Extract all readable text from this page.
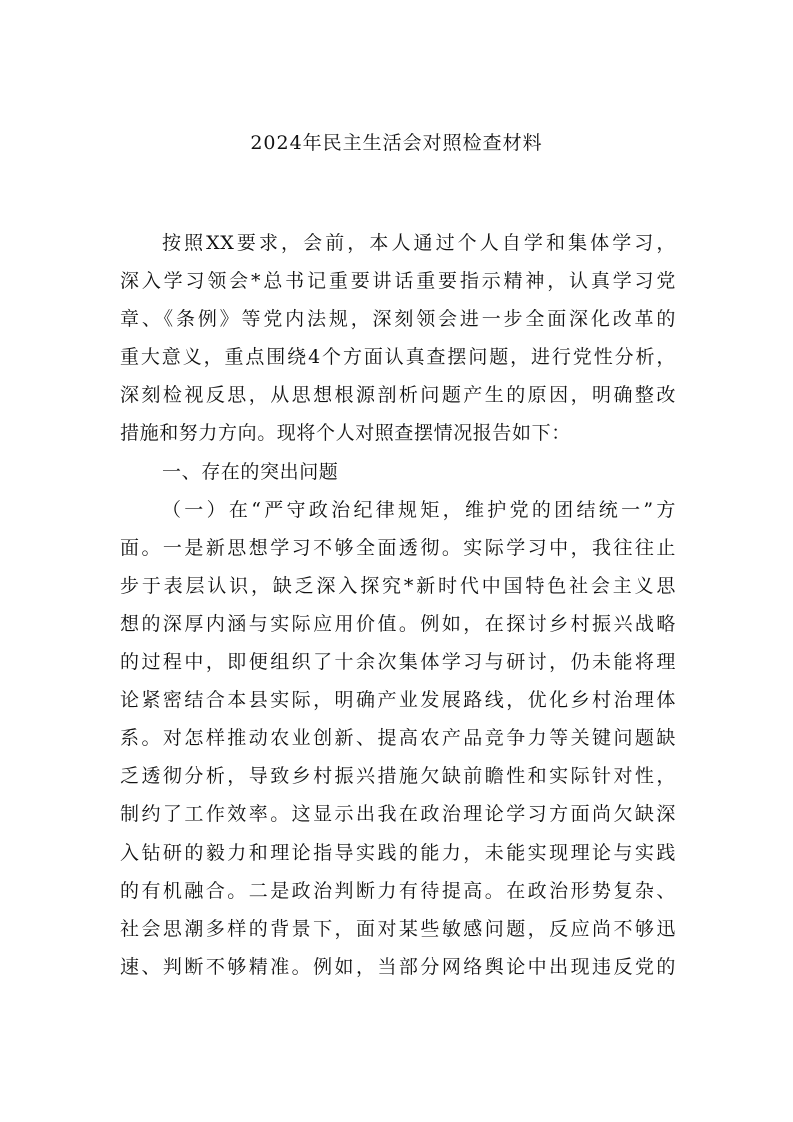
2024年民主生活会对照检查材料
按照XX要求，会前，本人通过个人自学和集体学习，
深入学习领会*总书记重要讲话重要指示精神，认真学习党
章、《条例》等党内法规，深刻领会进一步全面深化改革的
重大意义，重点围绕4个方面认真查摆问题，进行党性分析，
深刻检视反思，从思想根源剖析问题产生的原因，明确整改
措施和努力方向。现将个人对照查摆情况报告如下：
一、存在的突出问题
（一）在“严守政治纪律规矩，维护党的团结统一”方
面。一是新思想学习不够全面透彻。实际学习中，我往往止
步于表层认识，缺乏深入探究*新时代中国特色社会主义思
想的深厚内涵与实际应用价值。例如，在探讨乡村振兴战略
的过程中，即便组织了十余次集体学习与研讨，仍未能将理
论紧密结合本县实际，明确产业发展路线，优化乡村治理体
系。对怎样推动农业创新、提高农产品竞争力等关键问题缺
乏透彻分析，导致乡村振兴措施欠缺前瞻性和实际针对性，
制约了工作效率。这显示出我在政治理论学习方面尚欠缺深
入钻研的毅力和理论指导实践的能力，未能实现理论与实践
的有机融合。二是政治判断力有待提高。在政治形势复杂、
社会思潮多样的背景下，面对某些敏感问题，反应尚不够迅
速、判断不够精准。例如，当部分网络舆论中出现违反党的
